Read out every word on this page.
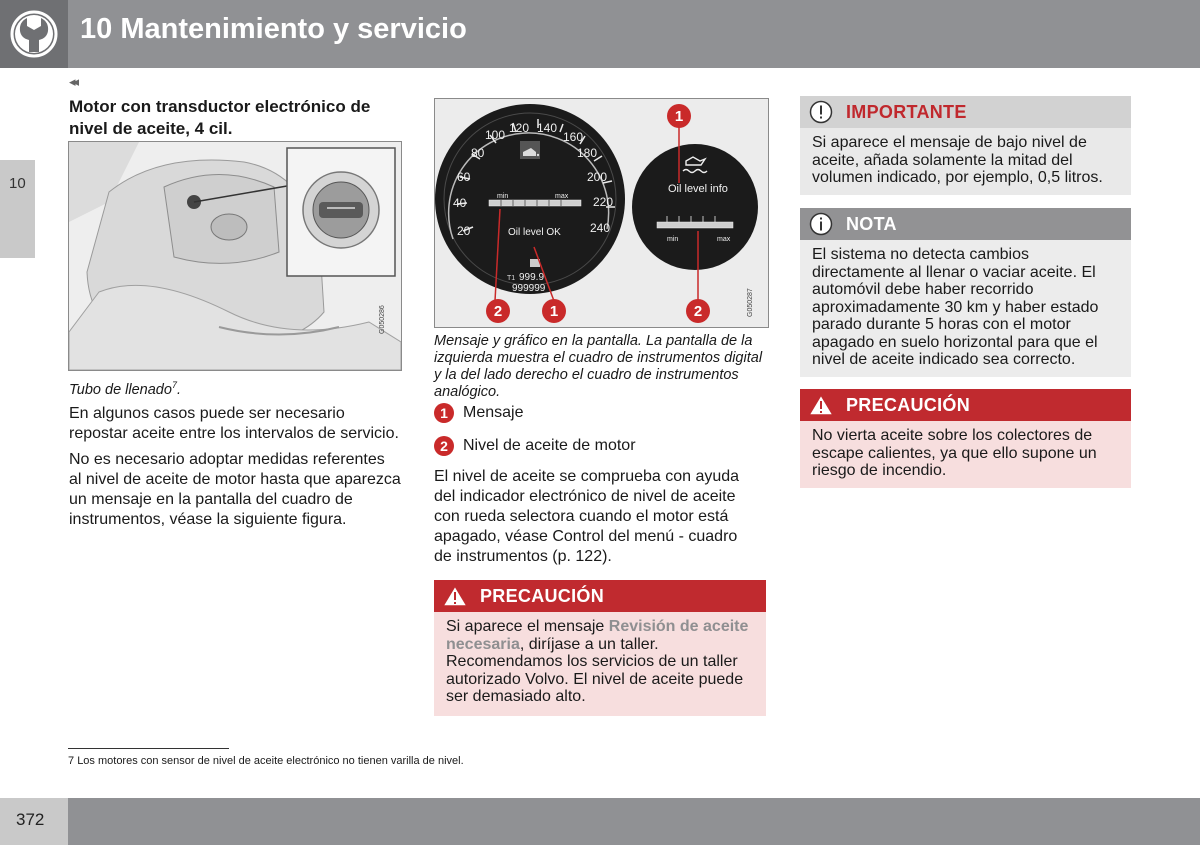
10 Mantenimiento y servicio
10
◂◂
Motor con transductor electrónico de nivel de aceite, 4 cil.
G050286
Tubo de llenado$^7$.
En algunos casos puede ser necesario repostar aceite entre los intervalos de servicio.
No es necesario adoptar medidas referentes al nivel de aceite de motor hasta que aparezca un mensaje en la pantalla del cuadro de instrumentos, véase la siguiente figura.
20
40
60
80
100 120 140
160
180
200
220
240
min	max
Oil level OK
T1 999.9
999999
Oil level info
min	max
1
2	1	2	G050287
Mensaje y gráfico en la pantalla. La pantalla de la izquierda muestra el cuadro de instrumentos digital y la del lado derecho el cuadro de instrumentos analógico.
1 Mensaje
2 Nivel de aceite de motor
El nivel de aceite se comprueba con ayuda del indicador electrónico de nivel de aceite con rueda selectora cuando el motor está apagado, véase Control del menú - cuadro de instrumentos (p. 122).
PRECAUCIÓN
Si aparece el mensaje Revisión de aceite necesaria, diríjase a un taller. Recomendamos los servicios de un taller autorizado Volvo. El nivel de aceite puede ser demasiado alto.
IMPORTANTE
Si aparece el mensaje de bajo nivel de aceite, añada solamente la mitad del volumen indicado, por ejemplo, 0,5 litros.
NOTA
El sistema no detecta cambios directamente al llenar o vaciar aceite. El automóvil debe haber recorrido aproximadamente 30 km y haber estado parado durante 5 horas con el motor apagado en suelo horizontal para que el nivel de aceite indicado sea correcto.
PRECAUCIÓN
No vierta aceite sobre los colectores de escape calientes, ya que ello supone un riesgo de incendio.
7 Los motores con sensor de nivel de aceite electrónico no tienen varilla de nivel.
372
